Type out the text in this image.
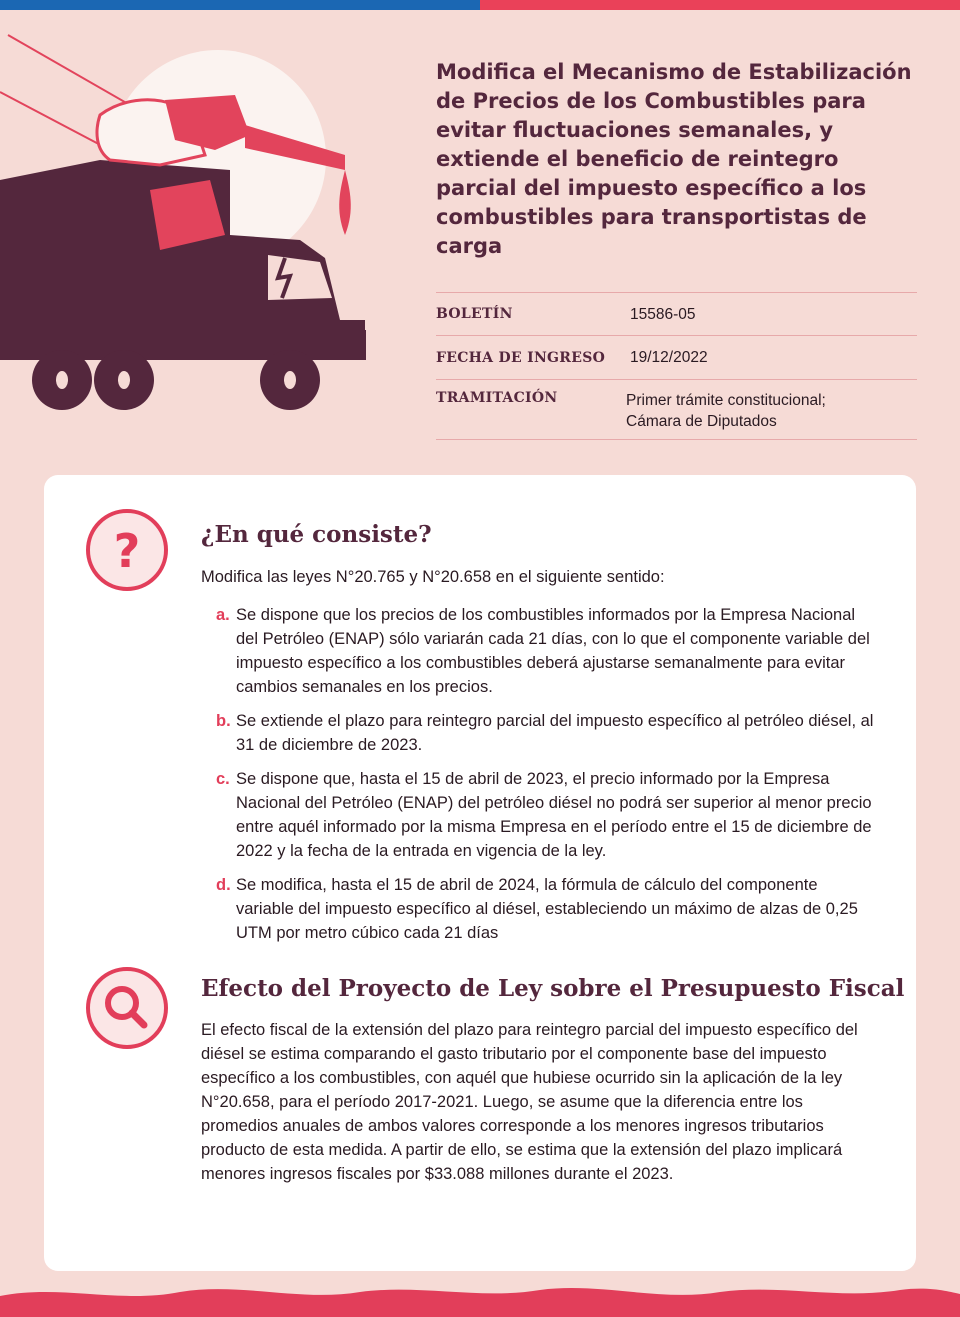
Modifica el Mecanismo de Estabilización de Precios de los Combustibles para evitar fluctuaciones semanales, y extiende el beneficio de reintegro parcial del impuesto específico a los combustibles para transportistas de carga
BOLETÍN	15586-05
FECHA DE INGRESO	19/12/2022
TRAMITACIÓN	Primer trámite constitucional;
Cámara de Diputados
?	¿En qué consiste?

Modifica las leyes N°20.765 y N°20.658 en el siguiente sentido:

a. Se dispone que los precios de los combustibles informados por la Empresa Nacional del Petróleo (ENAP) sólo variarán cada 21 días, con lo que el componente variable del impuesto específico a los combustibles deberá ajustarse semanalmente para evitar cambios semanales en los precios.
b. Se extiende el plazo para reintegro parcial del impuesto específico al petróleo diésel, al 31 de diciembre de 2023.
c. Se dispone que, hasta el 15 de abril de 2023, el precio informado por la Empresa Nacional del Petróleo (ENAP) del petróleo diésel no podrá ser superior al menor precio entre aquél informado por la misma Empresa en el período entre el 15 de diciembre de 2022 y la fecha de la entrada en vigencia de la ley.
d. Se modifica, hasta el 15 de abril de 2024, la fórmula de cálculo del componente variable del impuesto específico al diésel, estableciendo un máximo de alzas de 0,25 UTM por metro cúbico cada 21 días
Efecto del Proyecto de Ley sobre el Presupuesto Fiscal

El efecto fiscal de la extensión del plazo para reintegro parcial del impuesto específico del diésel se estima comparando el gasto tributario por el componente base del impuesto específico a los combustibles, con aquél que hubiese ocurrido sin la aplicación de la ley N°20.658, para el período 2017-2021. Luego, se asume que la diferencia entre los promedios anuales de ambos valores corresponde a los menores ingresos tributarios producto de esta medida. A partir de ello, se estima que la extensión del plazo implicará menores ingresos fiscales por $33.088 millones durante el 2023.
